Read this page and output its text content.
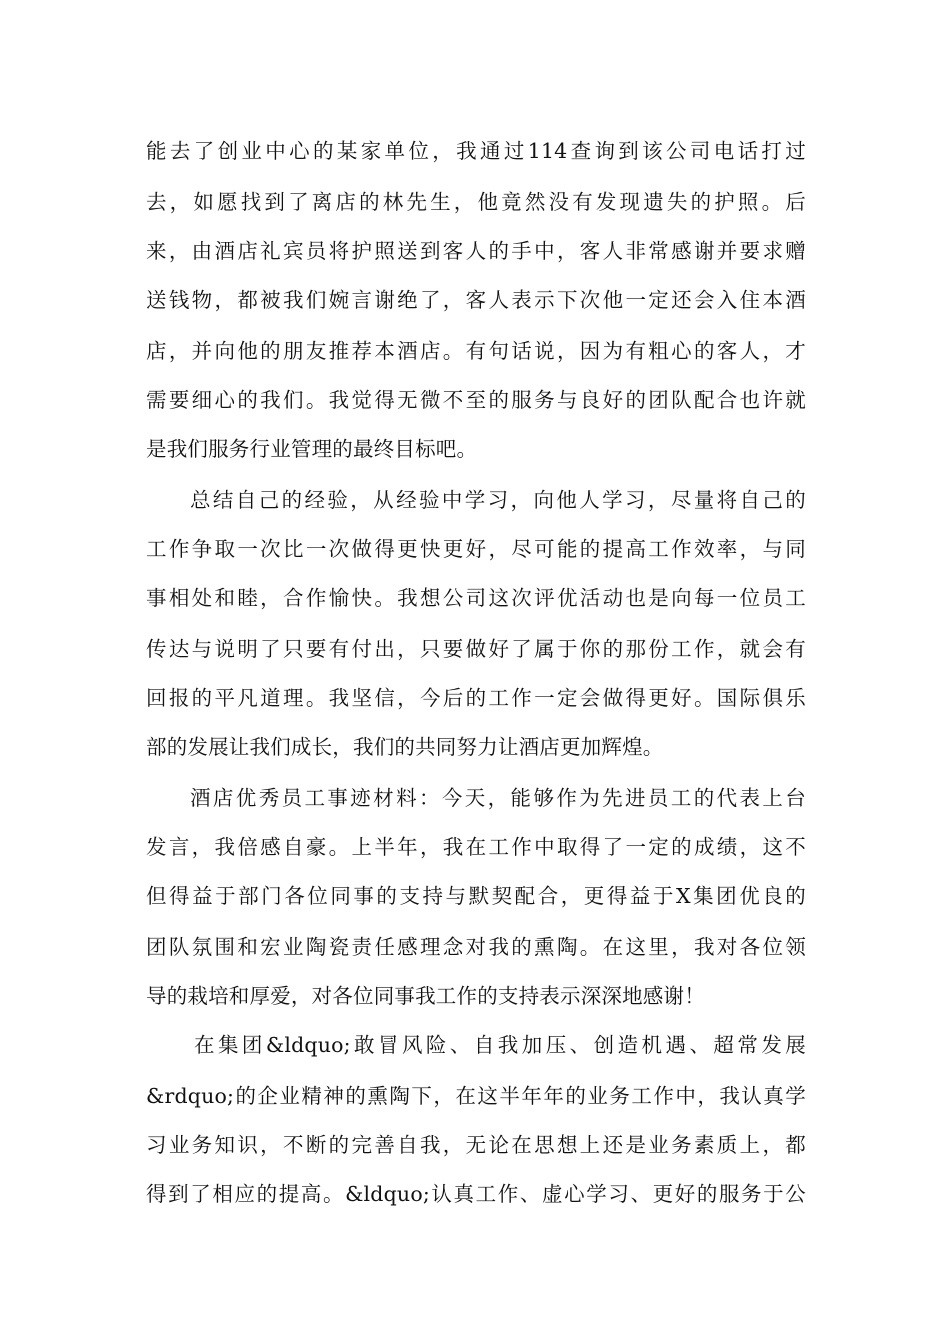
能去了创业中心的某家单位，我通过114查询到该公司电话打过
去，如愿找到了离店的林先生，他竟然没有发现遗失的护照。后
来，由酒店礼宾员将护照送到客人的手中，客人非常感谢并要求赠
送钱物，都被我们婉言谢绝了，客人表示下次他一定还会入住本酒
店，并向他的朋友推荐本酒店。有句话说，因为有粗心的客人，才
需要细心的我们。我觉得无微不至的服务与良好的团队配合也许就
是我们服务行业管理的最终目标吧。
总结自己的经验，从经验中学习，向他人学习，尽量将自己的
工作争取一次比一次做得更快更好，尽可能的提高工作效率，与同
事相处和睦，合作愉快。我想公司这次评优活动也是向每一位员工
传达与说明了只要有付出，只要做好了属于你的那份工作，就会有
回报的平凡道理。我坚信，今后的工作一定会做得更好。国际俱乐
部的发展让我们成长，我们的共同努力让酒店更加辉煌。
酒店优秀员工事迹材料：今天，能够作为先进员工的代表上台
发言，我倍感自豪。上半年，我在工作中取得了一定的成绩，这不
但得益于部门各位同事的支持与默契配合，更得益于X集团优良的
团队氛围和宏业陶瓷责任感理念对我的熏陶。在这里，我对各位领
导的栽培和厚爱，对各位同事我工作的支持表示深深地感谢！
在集团&ldquo;敢冒风险、自我加压、创造机遇、超常发展
&rdquo;的企业精神的熏陶下，在这半年年的业务工作中，我认真学
习业务知识，不断的完善自我，无论在思想上还是业务素质上，都
得到了相应的提高。&ldquo;认真工作、虚心学习、更好的服务于公
